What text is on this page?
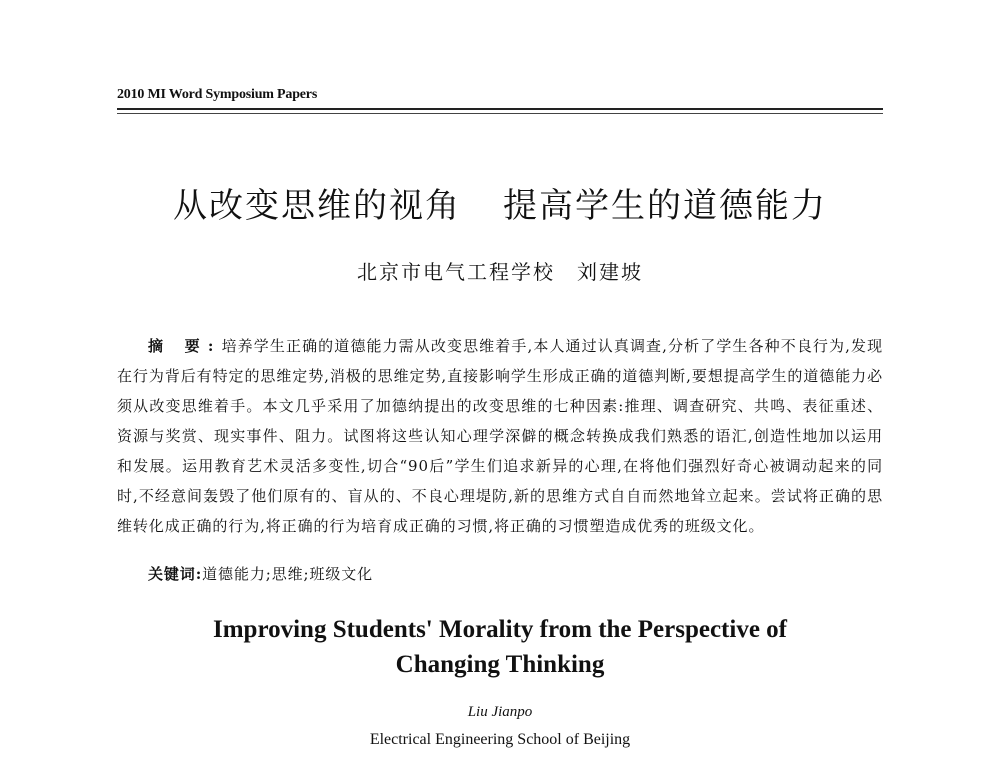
2010 MI Word Symposium Papers
从改变思维的视角 提高学生的道德能力
北京市电气工程学校 刘建坡
摘 要:培养学生正确的道德能力需从改变思维着手,本人通过认真调查,分析了学生各种不良行为,发现在行为背后有特定的思维定势,消极的思维定势,直接影响学生形成正确的道德判断,要想提高学生的道德能力必须从改变思维着手。本文几乎采用了加德纳提出的改变思维的七种因素:推理、调查研究、共鸣、表征重述、资源与奖赏、现实事件、阻力。试图将这些认知心理学深僻的概念转换成我们熟悉的语汇,创造性地加以运用和发展。运用教育艺术灵活多变性,切合“90后”学生们追求新异的心理,在将他们强烈好奇心被调动起来的同时,不经意间轰毁了他们原有的、盲从的、不良心理堤防,新的思维方式自自而然地耸立起来。尝试将正确的思维转化成正确的行为,将正确的行为培育成正确的习惯,将正确的习惯塑造成优秀的班级文化。
关键词:道德能力;思维;班级文化
Improving Students' Morality from the Perspective of
Changing Thinking
Liu Jianpo
Electrical Engineering School of Beijing
